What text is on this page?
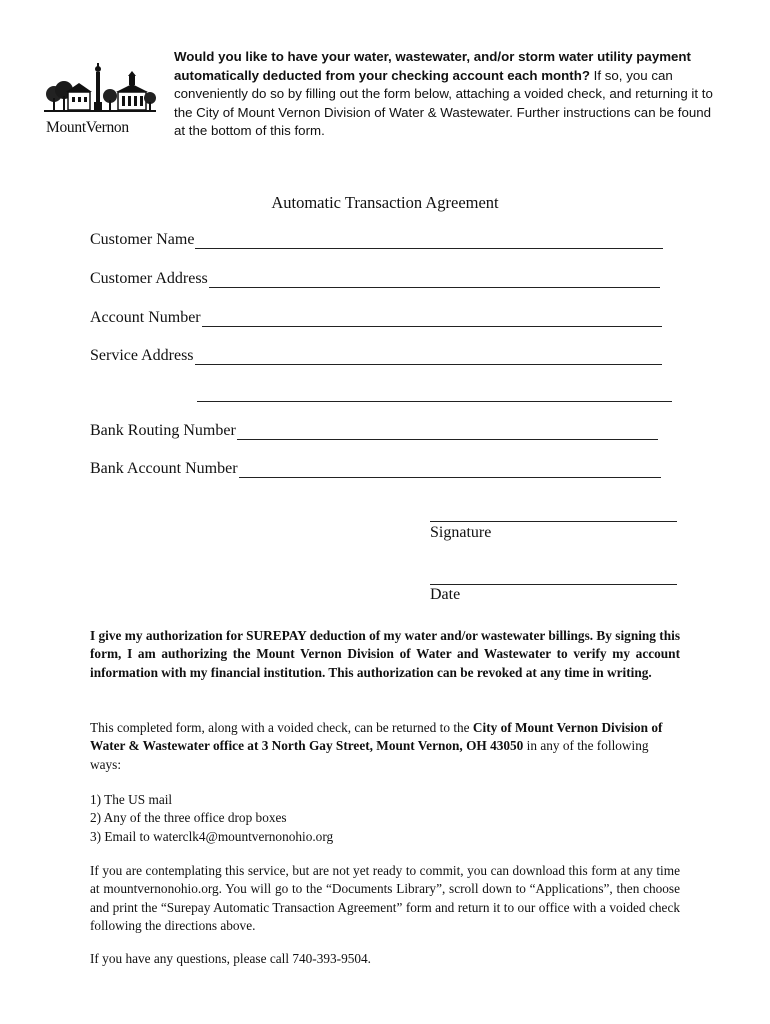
MountVernon
Would you like to have your water, wastewater, and/or storm water utility payment automatically deducted from your checking account each month? If so, you can conveniently do so by filling out the form below, attaching a voided check, and returning it to the City of Mount Vernon Division of Water & Wastewater. Further instructions can be found at the bottom of this form.
Automatic Transaction Agreement
Customer Name
Customer Address
Account Number
Service Address
Bank Routing Number
Bank Account Number
Signature
Date
I give my authorization for SUREPAY deduction of my water and/or wastewater billings. By signing this form, I am authorizing the Mount Vernon Division of Water and Wastewater to verify my account information with my financial institution. This authorization can be revoked at any time in writing.
This completed form, along with a voided check, can be returned to the City of Mount Vernon Division of Water & Wastewater office at 3 North Gay Street, Mount Vernon, OH 43050 in any of the following ways:
1) The US mail
2) Any of the three office drop boxes
3) Email to waterclk4@mountvernonohio.org
If you are contemplating this service, but are not yet ready to commit, you can download this form at any time at mountvernonohio.org. You will go to the “Documents Library”, scroll down to “Applications”, then choose and print the “Surepay Automatic Transaction Agreement” form and return it to our office with a voided check following the directions above.
If you have any questions, please call 740-393-9504.
